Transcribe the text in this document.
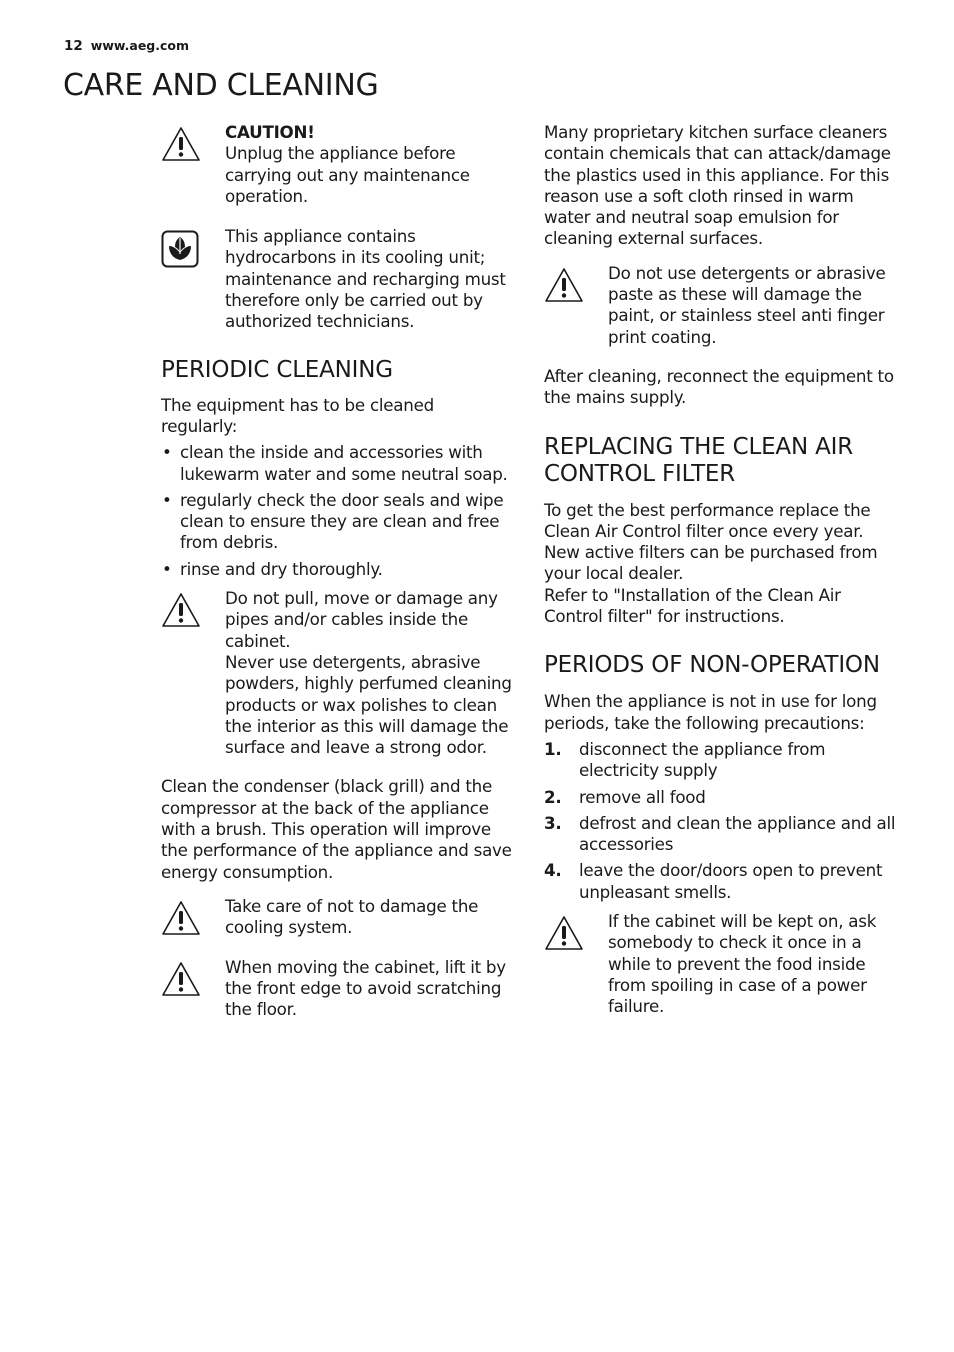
12 www.aeg.com
CARE AND CLEANING

CAUTION!

Unplug the appliance before carrying out any maintenance operation.

This appliance contains hydrocarbons in its cooling unit; maintenance and recharging must therefore only be carried out by authorized technicians.

PERIODIC CLEANING

The equipment has to be cleaned regularly:

• clean the inside and accessories with lukewarm water and some neutral soap.
• regularly check the door seals and wipe clean to ensure they are clean and free from debris.
• rinse and dry thoroughly.

Do not pull, move or damage any pipes and/or cables inside the cabinet.

Never use detergents, abrasive powders, highly perfumed cleaning products or wax polishes to clean the interior as this will damage the surface and leave a strong odor.

Clean the condenser (black grill) and the compressor at the back of the appliance with a brush. This operation will improve the performance of the appliance and save energy consumption.

Take care of not to damage the cooling system.

When moving the cabinet, lift it by the front edge to avoid scratching the floor.

Many proprietary kitchen surface cleaners contain chemicals that can attack/damage the plastics used in this appliance. For this reason use a soft cloth rinsed in warm water and neutral soap emulsion for cleaning external surfaces.

Do not use detergents or abrasive paste as these will damage the paint, or stainless steel anti finger print coating.

After cleaning, reconnect the equipment to the mains supply.

REPLACING THE CLEAN AIR CONTROL FILTER

To get the best performance replace the Clean Air Control filter once every year. New active filters can be purchased from your local dealer.

Refer to "Installation of the Clean Air Control filter" for instructions.

PERIODS OF NON-OPERATION

When the appliance is not in use for long periods, take the following precautions:

1. disconnect the appliance from electricity supply
2. remove all food
3. defrost and clean the appliance and all accessories
4. leave the door/doors open to prevent unpleasant smells.

If the cabinet will be kept on, ask somebody to check it once in a while to prevent the food inside from spoiling in case of a power failure.
